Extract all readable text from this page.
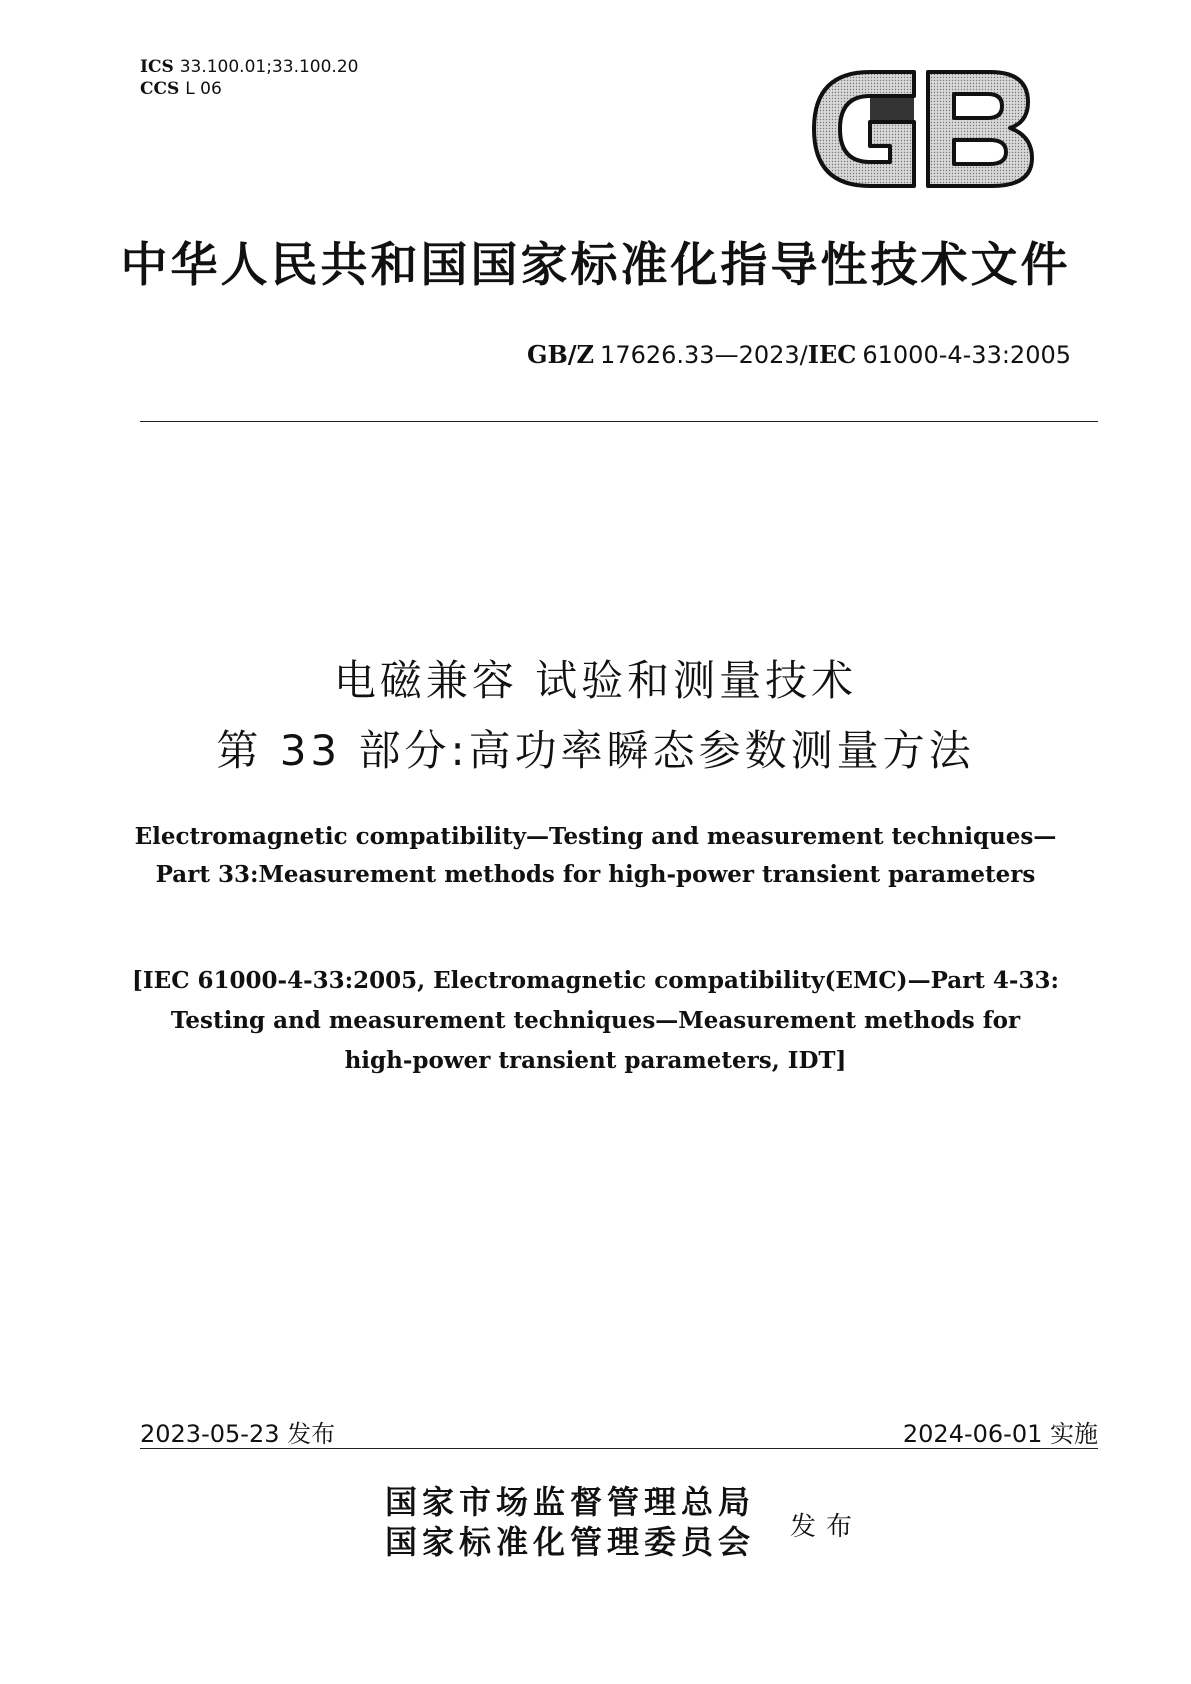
ICS 33.100.01;33.100.20
CCS L 06
中华人民共和国国家标准化指导性技术文件
GB/Z 17626.33—2023/IEC 61000-4-33:2005
电磁兼容 试验和测量技术
第 33 部分:高功率瞬态参数测量方法
Electromagnetic compatibility—Testing and measurement techniques—
Part 33:Measurement methods for high-power transient parameters
[IEC 61000-4-33:2005, Electromagnetic compatibility(EMC)—Part 4-33:
Testing and measurement techniques—Measurement methods for
high-power transient parameters, IDT]
2023-05-23 发布	2024-06-01 实施
国家市场监督管理总局
国家标准化管理委员会 发布
